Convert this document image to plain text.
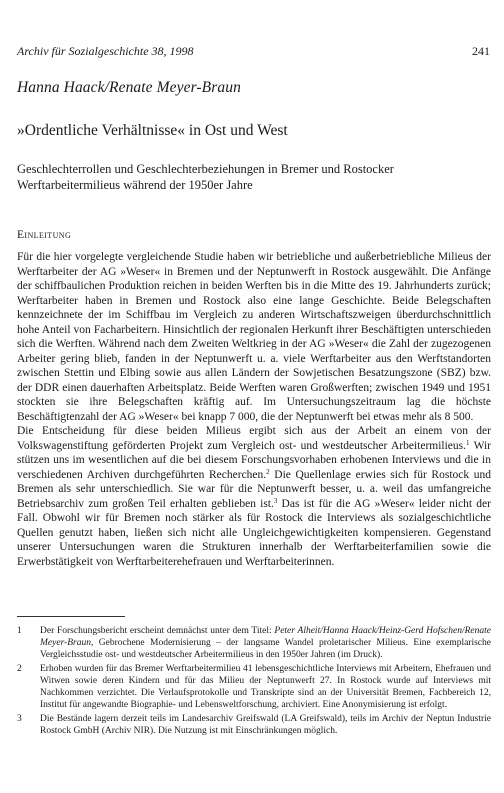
Archiv für Sozialgeschichte 38, 1998	241
Hanna Haack/Renate Meyer-Braun
»Ordentliche Verhältnisse« in Ost und West
Geschlechterrollen und Geschlechterbeziehungen in Bremer und Rostocker Werftarbeitermilieus während der 1950er Jahre
Einleitung

Für die hier vorgelegte vergleichende Studie haben wir betriebliche und außerbetriebliche Milieus der Werftarbeiter der AG »Weser« in Bremen und der Neptunwerft in Rostock ausgewählt. Die Anfänge der schiffbaulichen Produktion reichen in beiden Werften bis in die Mitte des 19. Jahrhunderts zurück; Werftarbeiter haben in Bremen und Rostock also eine lange Geschichte. Beide Belegschaften kennzeichnete der im Schiffbau im Vergleich zu anderen Wirtschaftszweigen überdurchschnittlich hohe Anteil von Facharbeitern. Hinsichtlich der regionalen Herkunft ihrer Beschäftigten unterschieden sich die Werften. Während nach dem Zweiten Weltkrieg in der AG »Weser« die Zahl der zugezogenen Arbeiter gering blieb, fanden in der Neptunwerft u. a. viele Werftarbeiter aus den Werftstandorten zwischen Stettin und Elbing sowie aus allen Ländern der Sowjetischen Besatzungszone (SBZ) bzw. der DDR einen dauerhaften Arbeitsplatz. Beide Werften waren Großwerften; zwischen 1949 und 1951 stockten sie ihre Belegschaften kräftig auf. Im Untersuchungszeitraum lag die höchste Beschäftigtenzahl der AG »Weser« bei knapp 7 000, die der Neptunwerft bei etwas mehr als 8 500.

Die Entscheidung für diese beiden Milieus ergibt sich aus der Arbeit an einem von der Volkswagenstiftung geförderten Projekt zum Vergleich ost- und westdeutscher Arbeitermilieus.$^1$ Wir stützen uns im wesentlichen auf die bei diesem Forschungsvorhaben erhobenen Interviews und die in verschiedenen Archiven durchgeführten Recherchen.$^2$ Die Quellenlage erwies sich für Rostock und Bremen als sehr unterschiedlich. Sie war für die Neptunwerft besser, u. a. weil das umfangreiche Betriebsarchiv zum großen Teil erhalten geblieben ist.$^3$ Das ist für die AG »Weser« leider nicht der Fall. Obwohl wir für Bremen noch stärker als für Rostock die Interviews als sozialgeschichtliche Quellen genutzt haben, ließen sich nicht alle Ungleichgewichtigkeiten kompensieren. Gegenstand unserer Untersuchungen waren die Strukturen innerhalb der Werftarbeiterfamilien sowie die Erwerbstätigkeit von Werftarbeiterehefrauen und Werftarbeiterinnen.

1	Der Forschungsbericht erscheint demnächst unter dem Titel: Peter Alheit/Hanna Haack/Heinz-Gerd Hofschen/Renate Meyer-Braun, Gebrochene Modernisierung – der langsame Wandel proletarischer Milieus. Eine exemplarische Vergleichsstudie ost- und westdeutscher Arbeitermilieus in den 1950er Jahren (im Druck).
2	Erhoben wurden für das Bremer Werftarbeitermilieu 41 lebensgeschichtliche Interviews mit Arbeitern, Ehefrauen und Witwen sowie deren Kindern und für das Milieu der Neptunwerft 27. In Rostock wurde auf Interviews mit Nachkommen verzichtet. Die Verlaufsprotokolle und Transkripte sind an der Universität Bremen, Fachbereich 12, Institut für angewandte Biographie- und Lebensweltforschung, archiviert. Eine Anonymisierung ist erfolgt.
3	Die Bestände lagern derzeit teils im Landesarchiv Greifswald (LA Greifswald), teils im Archiv der Neptun Industrie Rostock GmbH (Archiv NIR). Die Nutzung ist mit Einschränkungen möglich.
